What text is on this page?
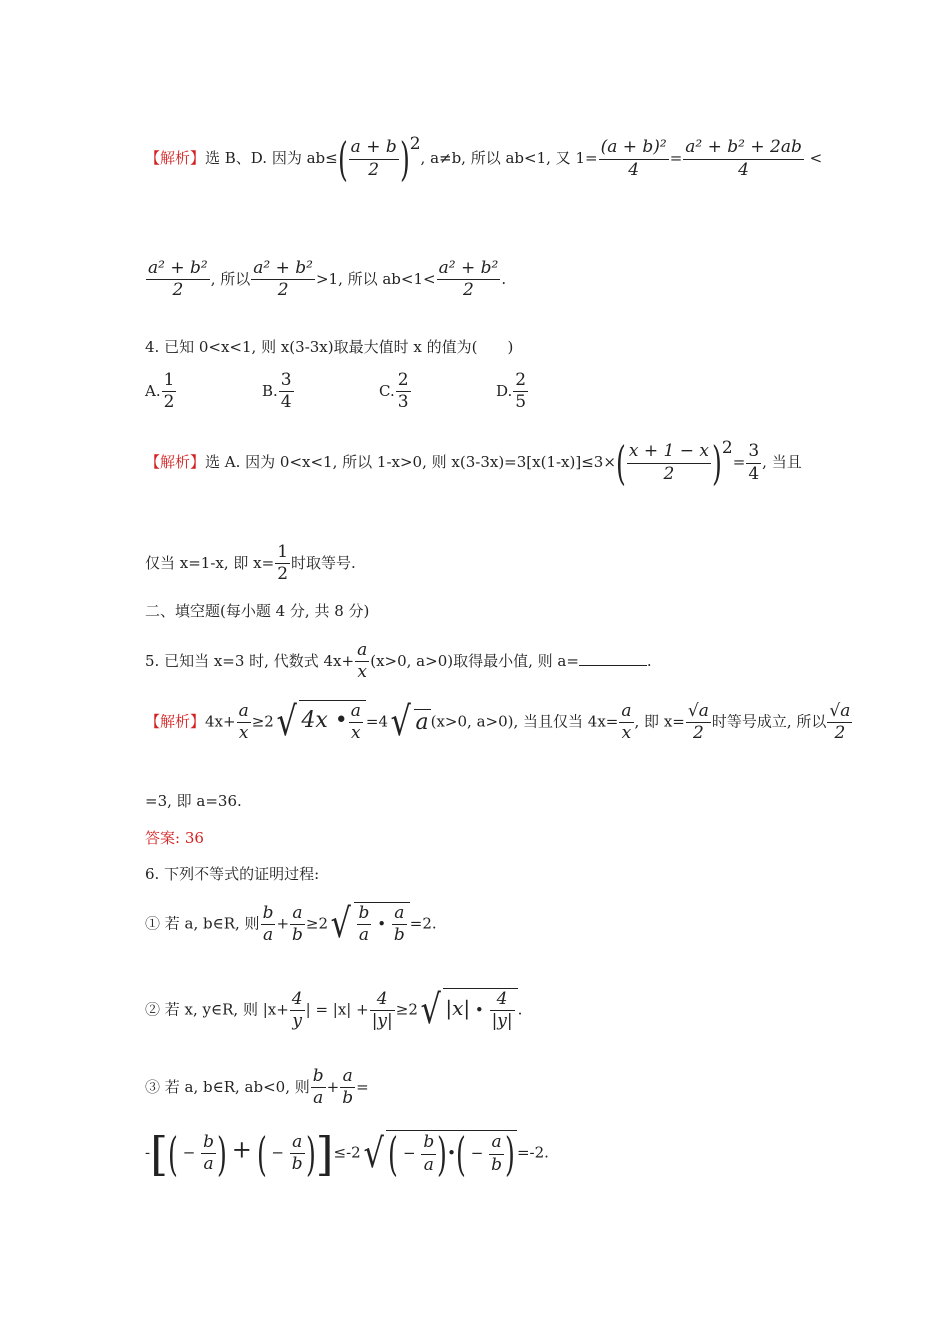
【解析】选 B、D. 因为 $ab\le( \frac{a + b}{2} )^2$, a≠b, 所以 ab<1, 又 $1= \frac{\text{(a + b)²}}{4} = \frac{\text{a² + b² + 2ab}}{4}$ <
$\frac{\text{a² + b²}}{2}$ , 所以 $\frac{\text{a² + b²}}{2} >1$, 所以 $ab<1< \frac{\text{a² + b²}}{2}$ .
4. 已知 0<x<1, 则 x(3-3x)取最大值时 x 的值为(　　)
A. $\frac{1}{2}$	B. $\frac{3}{4}$	C. $\frac{2}{3}$	D. $\frac{2}{5}$
【解析】选 A. 因为 0<x<1, 所以 1-x>0, 则 $x(3-3x)=3[x(1-x)]\le 3\times( \frac{x + 1 - x}{2} )^2= \frac{3}{4}$ , 当且
仅当 x=1-x, 即 $x= \frac{1}{2}$ 时取等号.
二、填空题(每小题 4 分, 共 8 分)
5. 已知当 x=3 时, 代数式 $4x+ \frac{a}{x} (x>0$, a>0)取得最小值, 则 a=	.
【解析】$4x+ \frac{a}{x} \ge 2√$ 4x • $\frac{a}{x} =4√$ a (x>0, a>0), 当且仅当 $4x= \frac{a}{x}$ , 即 $x= \frac{√a}{2}$ 时等号成立, 所以 $\frac{√a}{2}$
=3, 即 a=36.
答案: 36
6. 下列不等式的证明过程:
① 若 a, b∈R, 则 $\frac{b}{a} + \frac{a}{b} \ge 2√ \frac{b}{a}$ • $\frac{a}{b} =2$.
② 若 x, y∈R, 则 $|x+ \frac{4}{y}$ | = $|x| + \frac{4}{|y|} \ge 2√$ |x| • $\frac{4}{|y|}$ .
③ 若 a, b∈R, ab<0, 则 $\frac{b}{a} + \frac{a}{b}$ =
-[( − $\frac{b}{a}$ ) + ( − $\frac{a}{b} )]\le-2√( - \frac{b}{a}$ )•( − $\frac{a}{b}$ ) =-2.
